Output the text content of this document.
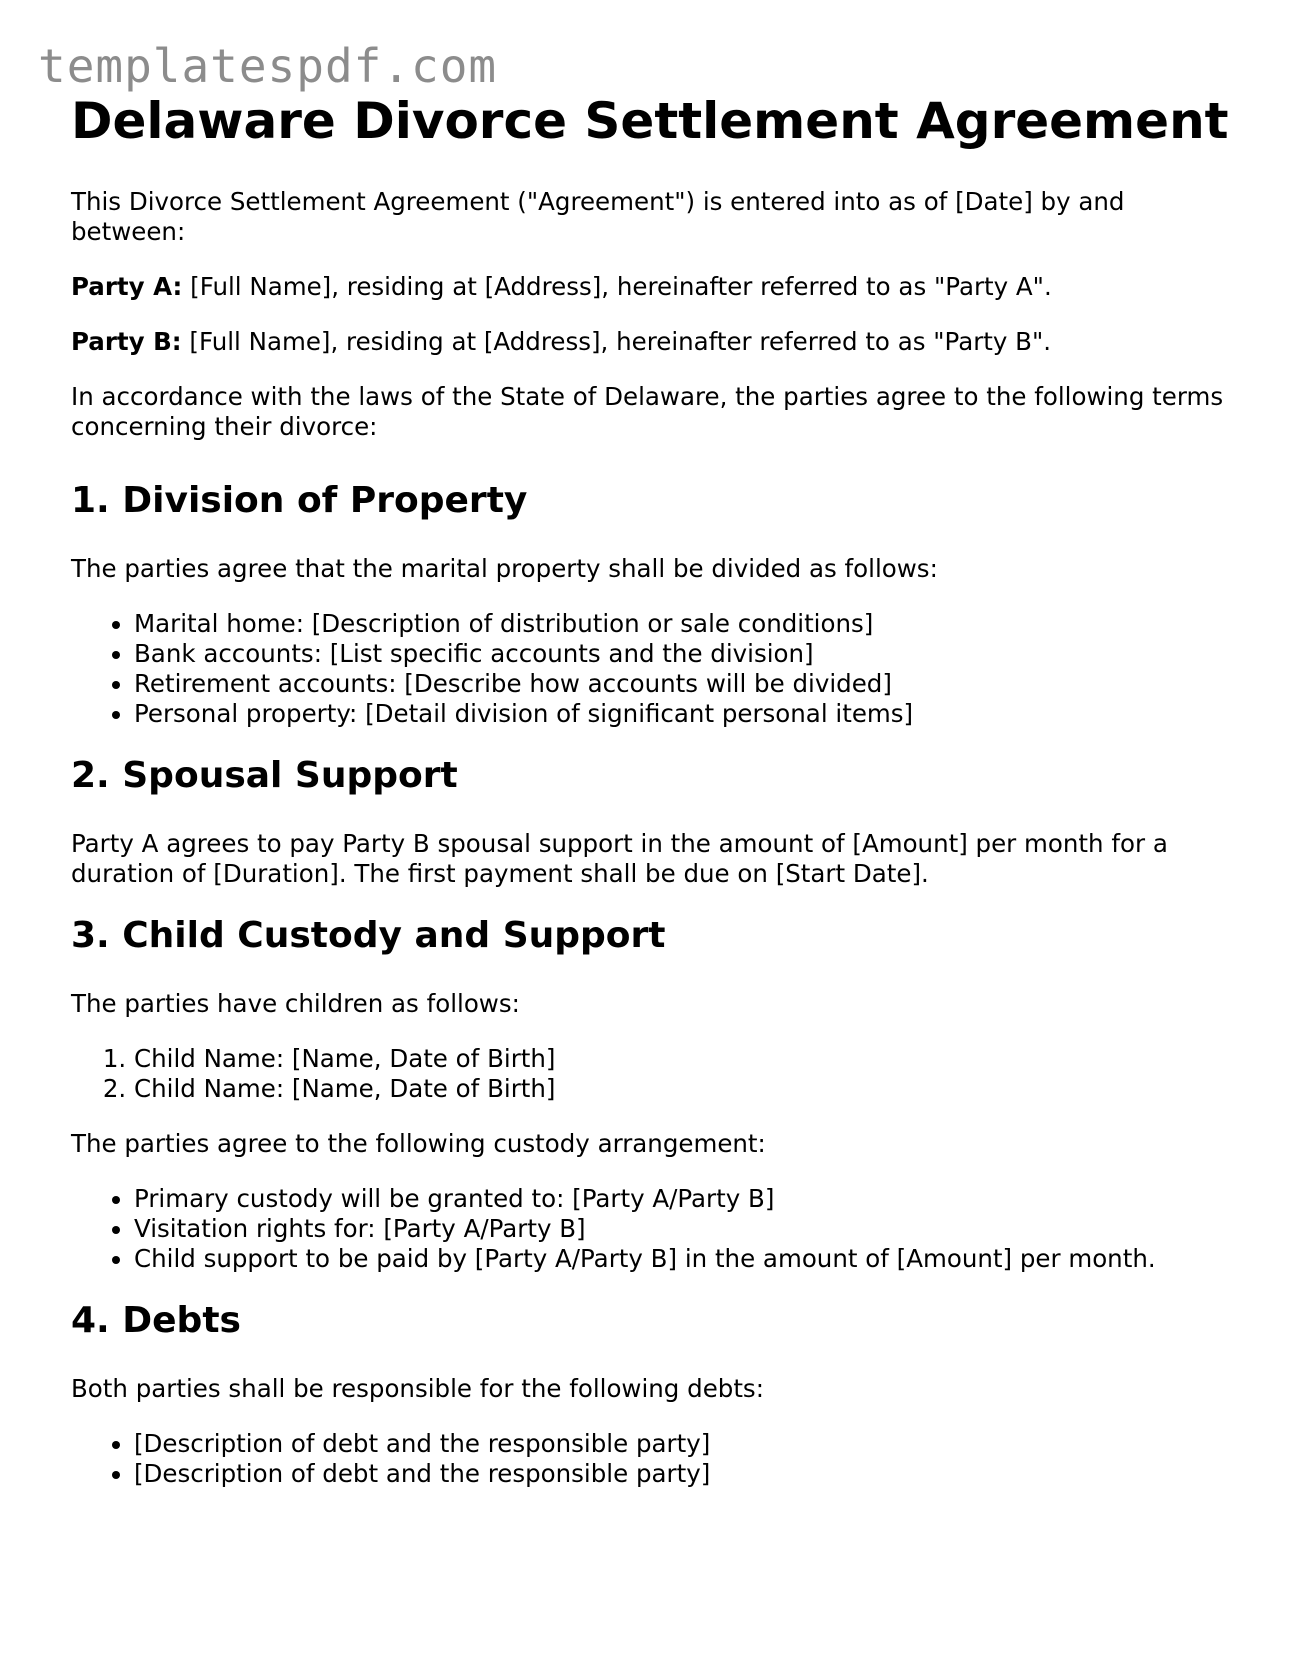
templatespdf.com
Delaware Divorce Settlement Agreement

This Divorce Settlement Agreement ("Agreement") is entered into as of [Date] by and between:

Party A: [Full Name], residing at [Address], hereinafter referred to as "Party A".

Party B: [Full Name], residing at [Address], hereinafter referred to as "Party B".

In accordance with the laws of the State of Delaware, the parties agree to the following terms concerning their divorce:

1. Division of Property

The parties agree that the marital property shall be divided as follows:

• Marital home: [Description of distribution or sale conditions]
• Bank accounts: [List specific accounts and the division]
• Retirement accounts: [Describe how accounts will be divided]
• Personal property: [Detail division of significant personal items]
2. Spousal Support

Party A agrees to pay Party B spousal support in the amount of [Amount] per month for a duration of [Duration]. The first payment shall be due on [Start Date].

3. Child Custody and Support

The parties have children as follows:

1. Child Name: [Name, Date of Birth]
2. Child Name: [Name, Date of Birth]

The parties agree to the following custody arrangement:

• Primary custody will be granted to: [Party A/Party B]
• Visitation rights for: [Party A/Party B]
• Child support to be paid by [Party A/Party B] in the amount of [Amount] per month.
4. Debts

Both parties shall be responsible for the following debts:

• [Description of debt and the responsible party]
• [Description of debt and the responsible party]
